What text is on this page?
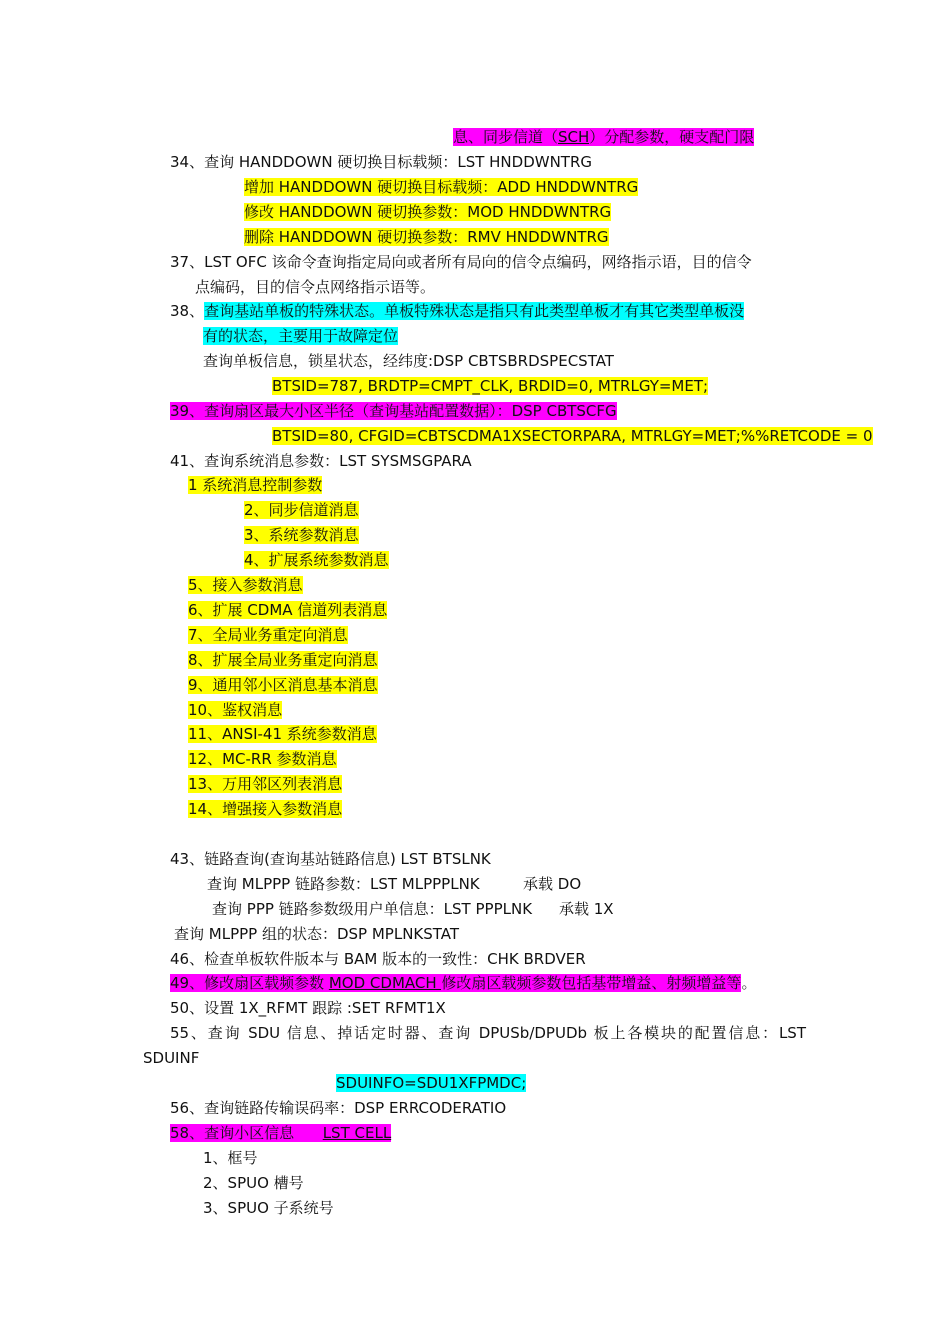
息、同步信道（SCH）分配参数，硬支配门限
34、查询 HANDDOWN 硬切换目标载频：LST HNDDWNTRG
增加 HANDDOWN 硬切换目标载频：ADD HNDDWNTRG
修改 HANDDOWN 硬切换参数：MOD HNDDWNTRG
删除 HANDDOWN 硬切换参数：RMV HNDDWNTRG
37、LST OFC 该命令查询指定局向或者所有局向的信令点编码，网络指示语，目的信令
点编码，目的信令点网络指示语等。
38、查询基站单板的特殊状态。单板特殊状态是指只有此类型单板才有其它类型单板没
有的状态，主要用于故障定位
查询单板信息，锁星状态，经纬度:DSP CBTSBRDSPECSTAT
BTSID=787, BRDTP=CMPT_CLK, BRDID=0, MTRLGY=MET;
39、查询扇区最大小区半径（查询基站配置数据）：DSP CBTSCFG
BTSID=80, CFGID=CBTSCDMA1XSECTORPARA, MTRLGY=MET;%%RETCODE = 0
41、查询系统消息参数：LST SYSMSGPARA
1 系统消息控制参数
2、同步信道消息
3、系统参数消息
4、扩展系统参数消息
5、接入参数消息
6、扩展 CDMA 信道列表消息
7、全局业务重定向消息
8、扩展全局业务重定向消息
9、通用邻小区消息基本消息
10、鉴权消息
11、ANSI-41 系统参数消息
12、MC-RR 参数消息
13、万用邻区列表消息
14、增强接入参数消息
43、链路查询(查询基站链路信息) LST BTSLNK
查询 MLPPP 链路参数：LST MLPPPLNK	承载 DO
查询 PPP 链路参数级用户单信息：LST PPPLNK 承载 1X
查询 MLPPP 组的状态：DSP MPLNKSTAT
46、检查单板软件版本与 BAM 版本的一致性：CHK BRDVER
49、修改扇区载频参数 MOD CDMACH 修改扇区载频参数包括基带增益、射频增益等。
50、设置 1X_RFMT 跟踪 :SET RFMT1X
55、查询 SDU 信息、掉话定时器、查询 DPUSb/DPUDb 板上各模块的配置信息：LST
SDUINF
SDUINFO=SDU1XFPMDC;
56、查询链路传输误码率：DSP ERRCODERATIO
58、查询小区信息      LST CELL
1、框号
2、SPUO 槽号
3、SPUO 子系统号
